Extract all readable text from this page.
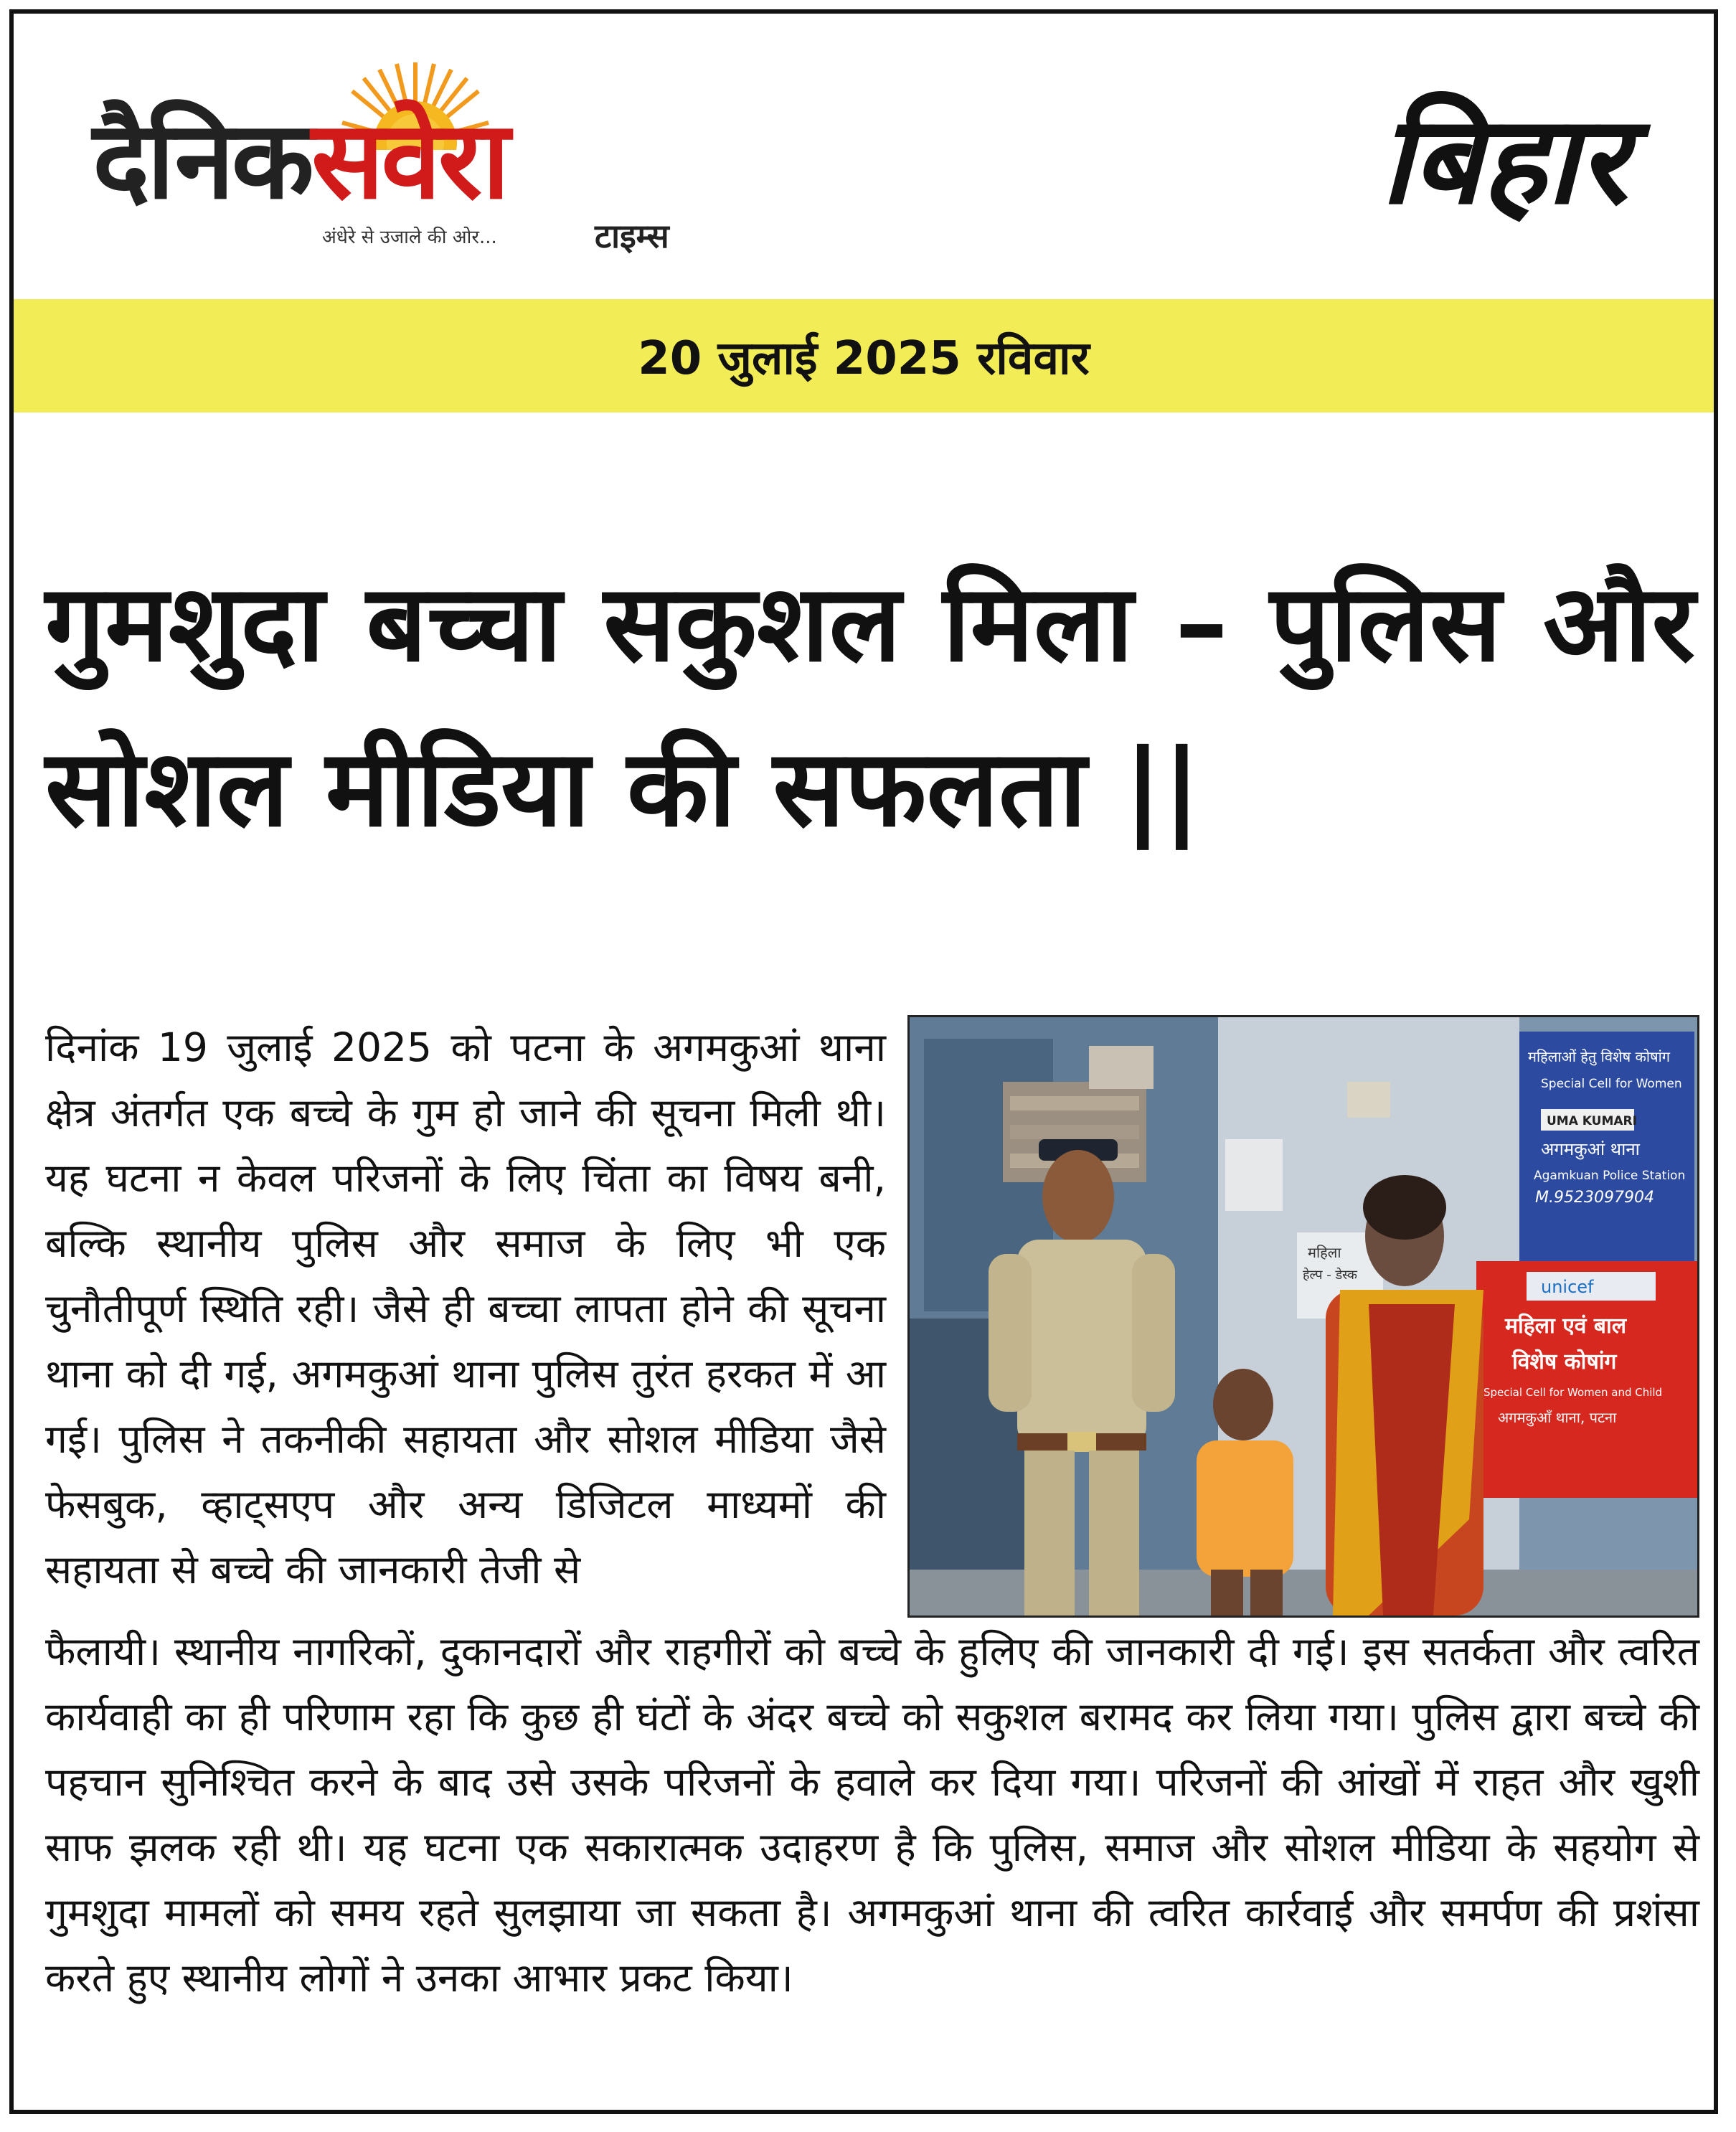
दैनिकसवेरा
अंधेरे से उजाले की ओर...	टाइम्स
बिहार
20 जुलाई 2025 रविवार
गुमशुदा बच्चा सकुशल मिला – पुलिस और सोशल मीडिया की सफलता ||
महिला
हेल्प - डेस्क
महिलाओं हेतु विशेष कोषांग
Special Cell for Women
UMA KUMARI
अगमकुआं थाना
Agamkuan Police Station
M.9523097904
unicef
महिला एवं बाल
विशेष कोषांग
Special Cell for Women and Child
अगमकुआँ थाना, पटना

दिनांक 19 जुलाई 2025 को पटना के अगमकुआं थाना क्षेत्र अंतर्गत एक बच्चे के गुम हो जाने की सूचना मिली थी। यह घटना न केवल परिजनों के लिए चिंता का विषय बनी, बल्कि स्थानीय पुलिस और समाज के लिए भी एक चुनौतीपूर्ण स्थिति रही। जैसे ही बच्चा लापता होने की सूचना थाना को दी गई, अगमकुआं थाना पुलिस तुरंत हरकत में आ गई। पुलिस ने तकनीकी सहायता और सोशल मीडिया जैसे फेसबुक, व्हाट्सएप और अन्य डिजिटल माध्यमों की सहायता से बच्चे की जानकारी तेजी से

फैलायी। स्थानीय नागरिकों, दुकानदारों और राहगीरों को बच्चे के हुलिए की जानकारी दी गई। इस सतर्कता और त्वरित कार्यवाही का ही परिणाम रहा कि कुछ ही घंटों के अंदर बच्चे को सकुशल बरामद कर लिया गया। पुलिस द्वारा बच्चे की पहचान सुनिश्चित करने के बाद उसे उसके परिजनों के हवाले कर दिया गया। परिजनों की आंखों में राहत और खुशी साफ झलक रही थी। यह घटना एक सकारात्मक उदाहरण है कि पुलिस, समाज और सोशल मीडिया के सहयोग से गुमशुदा मामलों को समय रहते सुलझाया जा सकता है। अगमकुआं थाना की त्वरित कार्रवाई और समर्पण की प्रशंसा करते हुए स्थानीय लोगों ने उनका आभार प्रकट किया।
